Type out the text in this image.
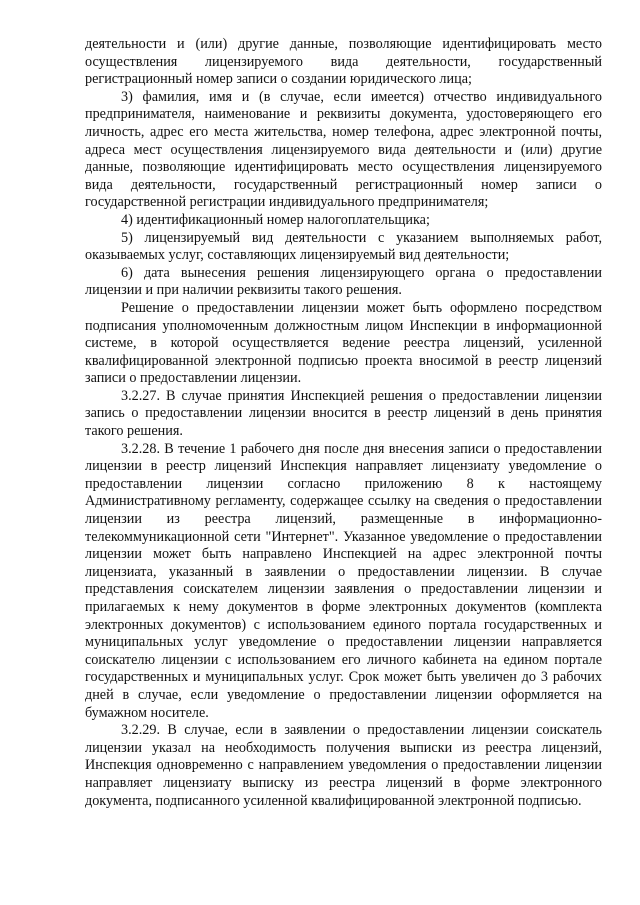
деятельности и (или) другие данные, позволяющие идентифицировать место осуществления лицензируемого вида деятельности, государственный регистрационный номер записи о создании юридического лица;

3) фамилия, имя и (в случае, если имеется) отчество индивидуального предпринимателя, наименование и реквизиты документа, удостоверяющего его личность, адрес его места жительства, номер телефона, адрес электронной почты, адреса мест осуществления лицензируемого вида деятельности и (или) другие данные, позволяющие идентифицировать место осуществления лицензируемого вида деятельности, государственный регистрационный номер записи о государственной регистрации индивидуального предпринимателя;

4) идентификационный номер налогоплательщика;

5) лицензируемый вид деятельности с указанием выполняемых работ, оказываемых услуг, составляющих лицензируемый вид деятельности;

6) дата вынесения решения лицензирующего органа о предоставлении лицензии и при наличии реквизиты такого решения.

Решение о предоставлении лицензии может быть оформлено посредством подписания уполномоченным должностным лицом Инспекции в информационной системе, в которой осуществляется ведение реестра лицензий, усиленной квалифицированной электронной подписью проекта вносимой в реестр лицензий записи о предоставлении лицензии.

3.2.27. В случае принятия Инспекцией решения о предоставлении лицензии запись о предоставлении лицензии вносится в реестр лицензий в день принятия такого решения.

3.2.28. В течение 1 рабочего дня после дня внесения записи о предоставлении лицензии в реестр лицензий Инспекция направляет лицензиату уведомление о предоставлении лицензии согласно приложению 8 к настоящему Административному регламенту, содержащее ссылку на сведения о предоставлении лицензии из реестра лицензий, размещенные в информационно-телекоммуникационной сети "Интернет". Указанное уведомление о предоставлении лицензии может быть направлено Инспекцией на адрес электронной почты лицензиата, указанный в заявлении о предоставлении лицензии. В случае представления соискателем лицензии заявления о предоставлении лицензии и прилагаемых к нему документов в форме электронных документов (комплекта электронных документов) с использованием единого портала государственных и муниципальных услуг уведомление о предоставлении лицензии направляется соискателю лицензии с использованием его личного кабинета на едином портале государственных и муниципальных услуг. Срок может быть увеличен до 3 рабочих дней в случае, если уведомление о предоставлении лицензии оформляется на бумажном носителе.

3.2.29. В случае, если в заявлении о предоставлении лицензии соискатель лицензии указал на необходимость получения выписки из реестра лицензий, Инспекция одновременно с направлением уведомления о предоставлении лицензии направляет лицензиату выписку из реестра лицензий в форме электронного документа, подписанного усиленной квалифицированной электронной подписью.
